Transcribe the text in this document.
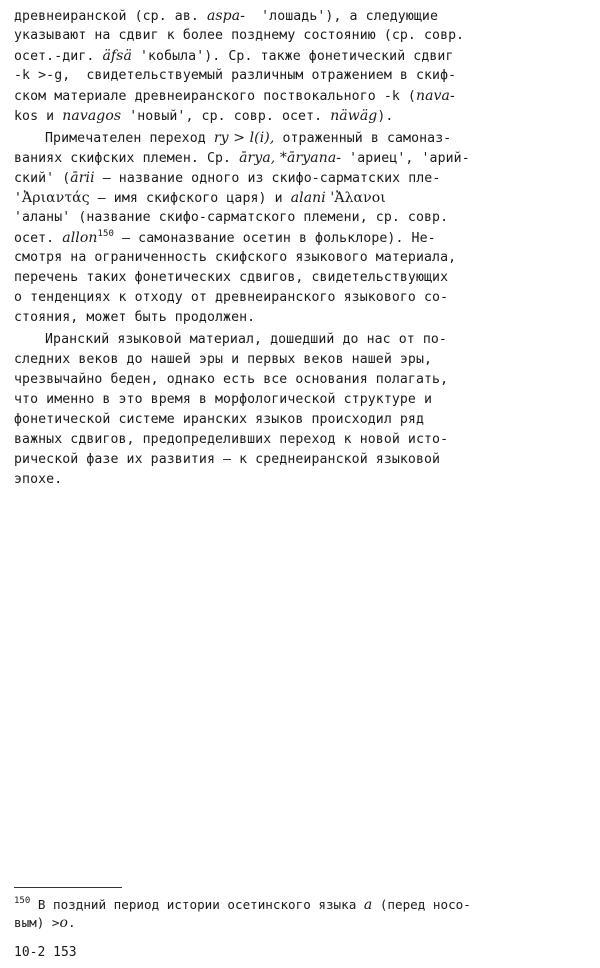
древнеиранской (ср. ав. asра-  'лошадь'), а следующие
указывают на сдвиг к более позднему состоянию (ср. совр.
осет.-диг. äfsä 'кобыла'). Ср. также фонетический сдвиг
-k >-g,  свидетельствуемый различным отражением в скиф-
ском материале древнеиранского поствокального -k (nava-
kos и navagos 'новый', ср. совр. осет. näwäg).
Примечателен переход ry > l(i), отраженный в самоназ-
ваниях скифских племен. Ср. ārya, *āryana- 'ариец', 'арий-
ский' (ārii — название одного из скифо-сарматских пле-
'Ἀριαντάς — имя скифского царя) и alani 'Ἀλανοι
'аланы' (название скифо-сарматского племени, ср. совр.
осет. allon$^{150}$ — самоназвание осетин в фольклоре). Не-
смотря на ограниченность скифского языкового материала,
перечень таких фонетических сдвигов, свидетельствующих
о тенденциях к отходу от древнеиранского языкового со-
стояния, может быть продолжен.
Иранский языковой материал, дошедший до нас от по-
следних веков до нашей эры и первых веков нашей эры,
чрезвычайно беден, однако есть все основания полагать,
что именно в это время в морфологической структуре и
фонетической системе иранских языков происходил ряд
важных сдвигов, предопределивших переход к новой исто-
рической фазе их развития — к среднеиранской языковой
эпохе.
$^{150}$ В поздний период истории осетинского языка a (перед носо-
вым) >o.
10-2 153
